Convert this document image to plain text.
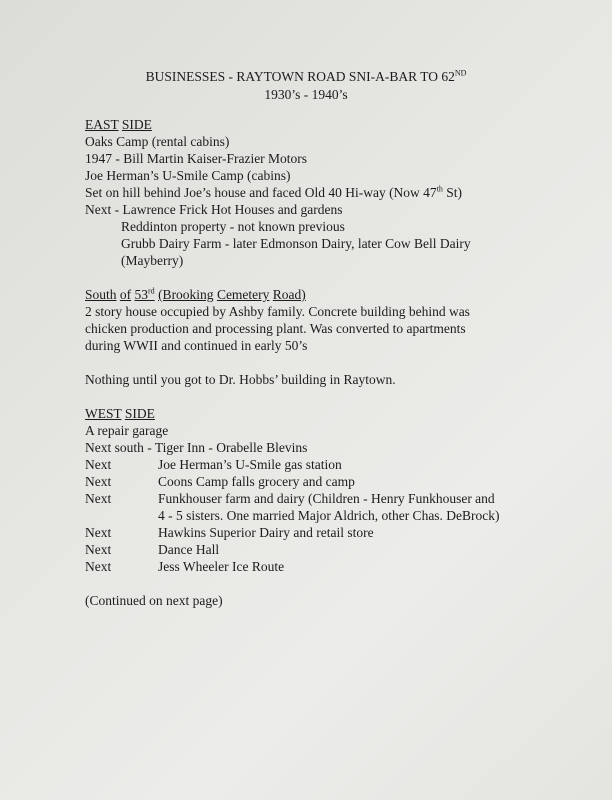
BUSINESSES - RAYTOWN ROAD SNI-A-BAR TO 62ND
1930’s - 1940’s
EAST SIDE
Oaks Camp (rental cabins)
1947 - Bill Martin Kaiser-Frazier Motors
Joe Herman’s U-Smile Camp (cabins)
Set on hill behind Joe’s house and faced Old 40 Hi-way (Now 47th St)
Next - Lawrence Frick Hot Houses and gardens
Reddinton property - not known previous
Grubb Dairy Farm - later Edmonson Dairy, later Cow Bell Dairy
(Mayberry)
South of 53rd (Brooking Cemetery Road)
2 story house occupied by Ashby family. Concrete building behind was
chicken production and processing plant. Was converted to apartments
during WWII and continued in early 50’s
Nothing until you got to Dr. Hobbs’ building in Raytown.
WEST SIDE
A repair garage
Next south - Tiger Inn - Orabelle Blevins
Next	Joe Herman’s U-Smile gas station
Next	Coons Camp falls grocery and camp
Next	Funkhouser farm and dairy (Children - Henry Funkhouser and
4 - 5 sisters. One married Major Aldrich, other Chas. DeBrock)
Next	Hawkins Superior Dairy and retail store
Next	Dance Hall
Next	Jess Wheeler Ice Route
(Continued on next page)
